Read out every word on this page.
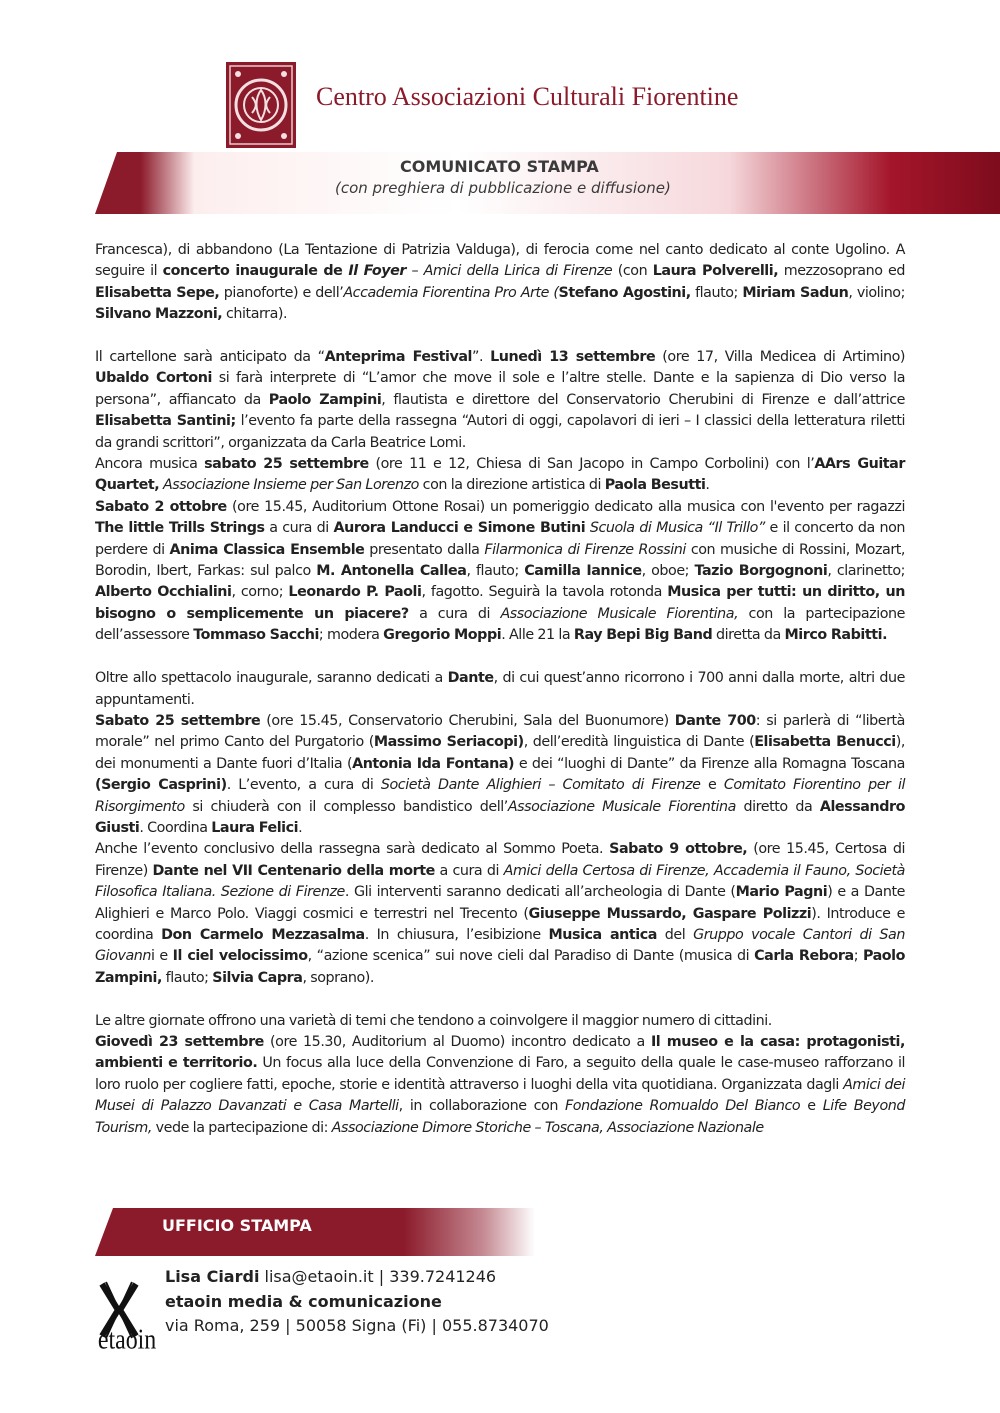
Centro Associazioni Culturali Fiorentine
COMUNICATO STAMPA
(con preghiera di pubblicazione e diffusione)

Francesca), di abbandono (La Tentazione di Patrizia Valduga), di ferocia come nel canto dedicato al conte Ugolino. A seguire il concerto inaugurale de Il Foyer – Amici della Lirica di Firenze (con Laura Polverelli, mezzosoprano ed Elisabetta Sepe, pianoforte) e dell’Accademia Fiorentina Pro Arte (Stefano Agostini, flauto; Miriam Sadun, violino; Silvano Mazzoni, chitarra).

Il cartellone sarà anticipato da “Anteprima Festival”. Lunedì 13 settembre (ore 17, Villa Medicea di Artimino) Ubaldo Cortoni si farà interprete di “L’amor che move il sole e l’altre stelle. Dante e la sapienza di Dio verso la persona”, affiancato da Paolo Zampini, flautista e direttore del Conservatorio Cherubini di Firenze e dall’attrice Elisabetta Santini; l’evento fa parte della rassegna “Autori di oggi, capolavori di ieri – I classici della letteratura riletti da grandi scrittori”, organizzata da Carla Beatrice Lomi.

Ancora musica sabato 25 settembre (ore 11 e 12, Chiesa di San Jacopo in Campo Corbolini) con l’AArs Guitar Quartet, Associazione Insieme per San Lorenzo con la direzione artistica di Paola Besutti.

Sabato 2 ottobre (ore 15.45, Auditorium Ottone Rosai) un pomeriggio dedicato alla musica con l'evento per ragazzi The little Trills Strings a cura di Aurora Landucci e Simone Butini Scuola di Musica “Il Trillo” e il concerto da non perdere di Anima Classica Ensemble presentato dalla Filarmonica di Firenze Rossini con musiche di Rossini, Mozart, Borodin, Ibert, Farkas: sul palco M. Antonella Callea, flauto; Camilla Iannice, oboe; Tazio Borgognoni, clarinetto; Alberto Occhialini, corno; Leonardo P. Paoli, fagotto. Seguirà la tavola rotonda Musica per tutti: un diritto, un bisogno o semplicemente un piacere? a cura di Associazione Musicale Fiorentina, con la partecipazione dell’assessore Tommaso Sacchi; modera Gregorio Moppi. Alle 21 la Ray Bepi Big Band diretta da Mirco Rabitti.

Oltre allo spettacolo inaugurale, saranno dedicati a Dante, di cui quest’anno ricorrono i 700 anni dalla morte, altri due appuntamenti.

Sabato 25 settembre (ore 15.45, Conservatorio Cherubini, Sala del Buonumore) Dante 700: si parlerà di “libertà morale” nel primo Canto del Purgatorio (Massimo Seriacopi), dell’eredità linguistica di Dante (Elisabetta Benucci), dei monumenti a Dante fuori d’Italia (Antonia Ida Fontana) e dei “luoghi di Dante” da Firenze alla Romagna Toscana (Sergio Casprini). L’evento, a cura di Società Dante Alighieri – Comitato di Firenze e Comitato Fiorentino per il Risorgimento si chiuderà con il complesso bandistico dell’Associazione Musicale Fiorentina diretto da Alessandro Giusti. Coordina Laura Felici.

Anche l’evento conclusivo della rassegna sarà dedicato al Sommo Poeta. Sabato 9 ottobre, (ore 15.45, Certosa di Firenze) Dante nel VII Centenario della morte a cura di Amici della Certosa di Firenze, Accademia il Fauno, Società Filosofica Italiana. Sezione di Firenze. Gli interventi saranno dedicati all’archeologia di Dante (Mario Pagni) e a Dante Alighieri e Marco Polo. Viaggi cosmici e terrestri nel Trecento (Giuseppe Mussardo, Gaspare Polizzi). Introduce e coordina Don Carmelo Mezzasalma. In chiusura, l’esibizione Musica antica del Gruppo vocale Cantori di San Giovanni e Il ciel velocissimo, “azione scenica” sui nove cieli dal Paradiso di Dante (musica di Carla Rebora; Paolo Zampini, flauto; Silvia Capra, soprano).

Le altre giornate offrono una varietà di temi che tendono a coinvolgere il maggior numero di cittadini.

Giovedì 23 settembre (ore 15.30, Auditorium al Duomo) incontro dedicato a Il museo e la casa: protagonisti, ambienti e territorio. Un focus alla luce della Convenzione di Faro, a seguito della quale le case-museo rafforzano il loro ruolo per cogliere fatti, epoche, storie e identità attraverso i luoghi della vita quotidiana. Organizzata dagli Amici dei Musei di Palazzo Davanzati e Casa Martelli, in collaborazione con Fondazione Romualdo Del Bianco e Life Beyond Tourism, vede la partecipazione di: Associazione Dimore Storiche – Toscana, Associazione Nazionale

UFFICIO STAMPA
etaoin
Lisa Ciardi lisa@etaoin.it | 339.7241246
etaoin media & comunicazione
via Roma, 259 | 50058 Signa (Fi) | 055.8734070
